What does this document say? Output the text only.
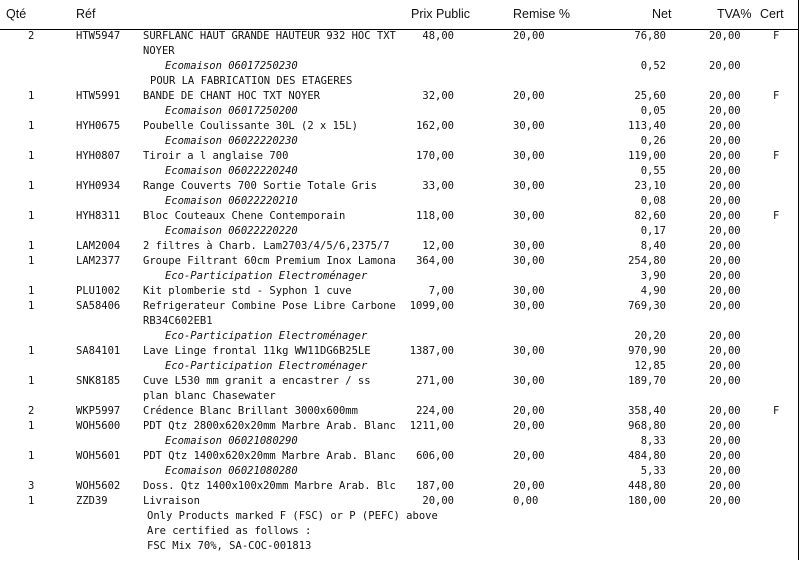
Qté	Réf	Prix Public	Remise %	Net	TVA% Cert
2	HTW5947 SURFLANC HAUT GRANDE HAUTEUR 932 HOC TXT	48,00	20,00	76,80	20,00	F
NOYER
Ecomaison 06017250230	0,52	20,00
POUR LA FABRICATION DES ETAGERES
1	HTW5991 BANDE DE CHANT HOC TXT NOYER	32,00	20,00	25,60	20,00	F
Ecomaison 06017250200	0,05	20,00
1	HYH0675 Poubelle Coulissante 30L (2 x 15L)	162,00	30,00	113,40	20,00
Ecomaison 06022220230	0,26	20,00
1	HYH0807 Tiroir a l anglaise 700	170,00	30,00	119,00	20,00	F
Ecomaison 06022220240	0,55	20,00
1	HYH0934 Range Couverts 700 Sortie Totale Gris	33,00	30,00	23,10	20,00
Ecomaison 06022220210	0,08	20,00
1	HYH8311 Bloc Couteaux Chene Contemporain	118,00	30,00	82,60	20,00	F
Ecomaison 06022220220	0,17	20,00
1	LAM2004 2 filtres à Charb. Lam2703/4/5/6,2375/7	12,00	30,00	8,40	20,00
1	LAM2377 Groupe Filtrant 60cm Premium Inox Lamona	364,00	30,00	254,80	20,00
Eco-Participation Electroménager	3,90	20,00
1	PLU1002 Kit plomberie std - Syphon 1 cuve	7,00	30,00	4,90	20,00
1	SA58406 Refrigerateur Combine Pose Libre Carbone 1099,00	30,00	769,30	20,00
RB34C602EB1
Eco-Participation Electroménager	20,20	20,00
1	SA84101 Lave Linge frontal 11kg WW11DG6B25LE	1387,00	30,00	970,90	20,00
Eco-Participation Electroménager	12,85	20,00
1	SNK8185 Cuve L530 mm granit a encastrer / ss	271,00	30,00	189,70	20,00
plan blanc Chasewater
2	WKP5997 Crédence Blanc Brillant 3000x600mm	224,00	20,00	358,40	20,00	F
1	WOH5600 PDT Qtz 2800x620x20mm Marbre Arab. Blanc 1211,00	20,00	968,80	20,00
Ecomaison 06021080290	8,33	20,00
1	WOH5601 PDT Qtz 1400x620x20mm Marbre Arab. Blanc	606,00	20,00	484,80	20,00
Ecomaison 06021080280	5,33	20,00
3	WOH5602 Doss. Qtz 1400x100x20mm Marbre Arab. Blc	187,00	20,00	448,80	20,00
1	ZZD39	Livraison	20,00	0,00	180,00	20,00
Only Products marked F (FSC) or P (PEFC) above
Are certified as follows :
FSC Mix 70%, SA-COC-001813
